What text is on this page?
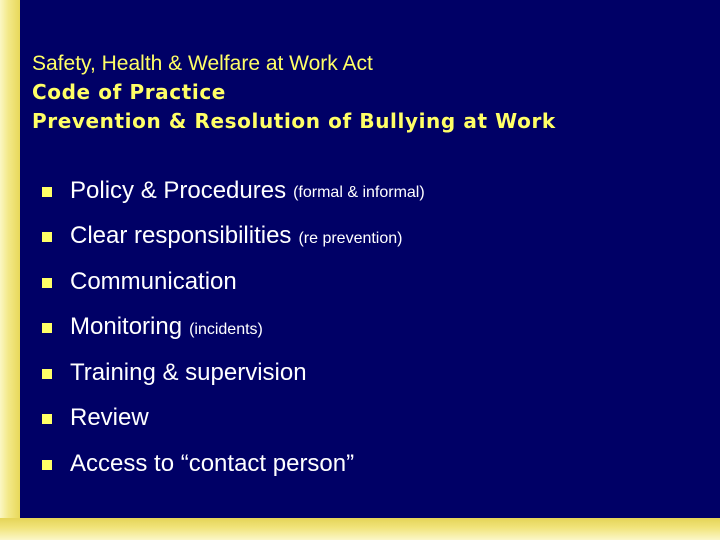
Safety, Health & Welfare at Work Act
Code of Practice
Prevention & Resolution of Bullying at Work
Policy & Procedures (formal & informal)
Clear responsibilities (re prevention)
Communication
Monitoring (incidents)
Training & supervision
Review
Access to “contact person”
